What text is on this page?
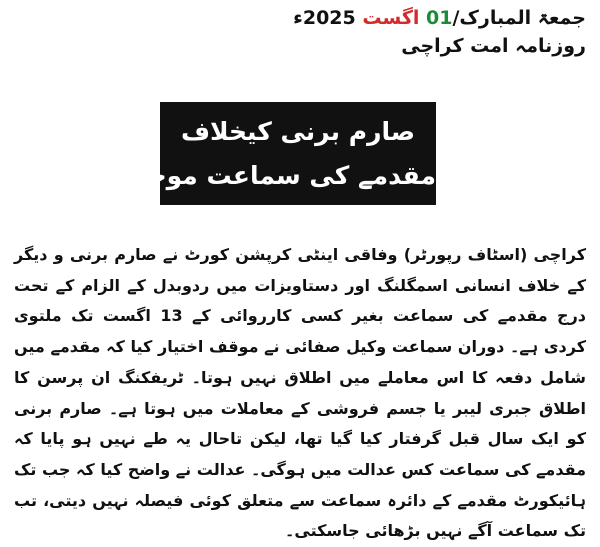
جمعۃ المبارک/01 اگست 2025ء
روزنامہ امت کراچی
صارم برنی کیخلاف
مقدمے کی سماعت موخر
کراچی (اسٹاف رپورٹر) وفاقی اینٹی کرپشن کورٹ نے صارم برنی و دیگر کے خلاف انسانی اسمگلنگ اور دستاویزات میں ردوبدل کے الزام کے تحت درج مقدمے کی سماعت بغیر کسی کارروائی کے 13 اگست تک ملتوی کردی ہے۔ دوران سماعت وکیل صفائی نے موقف اختیار کیا کہ مقدمے میں شامل دفعہ کا اس معاملے میں اطلاق نہیں ہوتا۔ ٹریفکنگ ان پرسن کا اطلاق جبری لیبر یا جسم فروشی کے معاملات میں ہوتا ہے۔ صارم برنی کو ایک سال قبل گرفتار کیا گیا تھا، لیکن تاحال یہ طے نہیں ہو پایا کہ مقدمے کی سماعت کس عدالت میں ہوگی۔ عدالت نے واضح کیا کہ جب تک ہائیکورٹ مقدمے کے دائرہ سماعت سے متعلق کوئی فیصلہ نہیں دیتی، تب تک سماعت آگے نہیں بڑھائی جاسکتی۔
